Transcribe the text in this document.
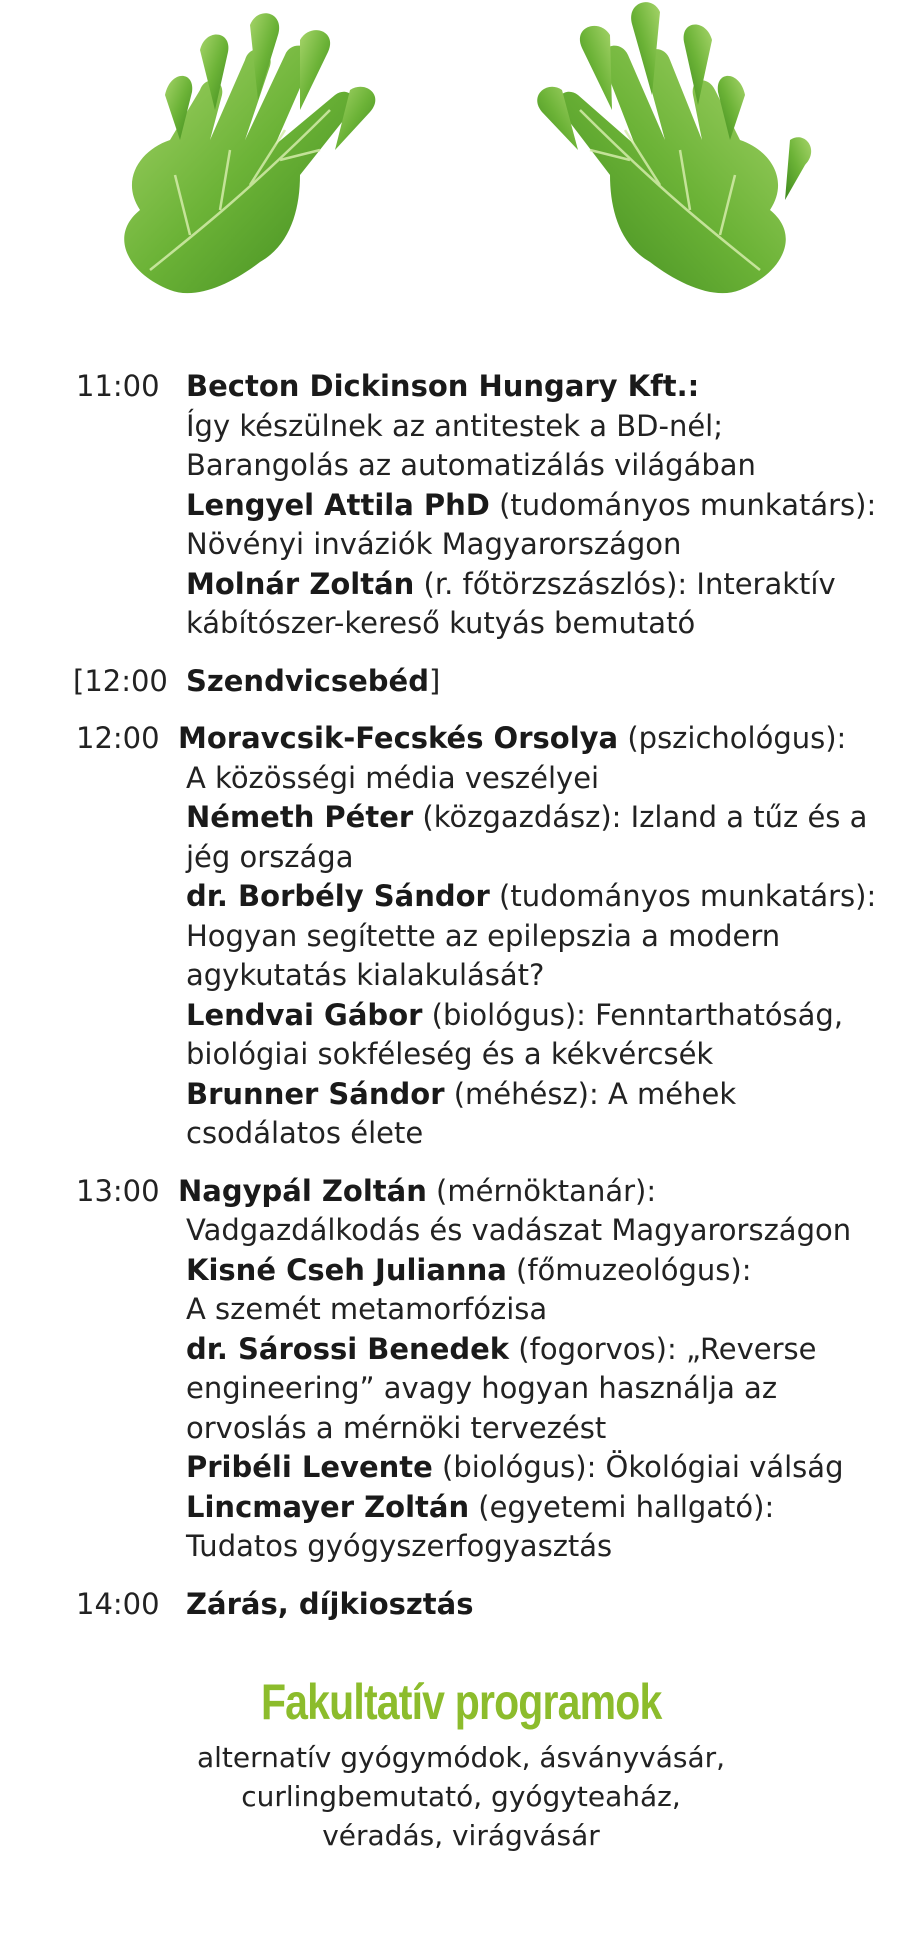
11:00 Becton Dickinson Hungary Kft.:
Így készülnek az antitestek a BD-nél;
Barangolás az automatizálás világában
Lengyel Attila PhD (tudományos munkatárs):
Növényi inváziók Magyarországon
Molnár Zoltán (r. főtörzszászlós): Interaktív
kábítószer-kereső kutyás bemutató
[12:00 Szendvicsebéd]
12:00 Moravcsik-Fecskés Orsolya (pszichológus):
A közösségi média veszélyei
Németh Péter (közgazdász): Izland a tűz és a
jég országa
dr. Borbély Sándor (tudományos munkatárs):
Hogyan segítette az epilepszia a modern
agykutatás kialakulását?
Lendvai Gábor (biológus): Fenntarthatóság,
biológiai sokféleség és a kékvércsék
Brunner Sándor (méhész): A méhek
csodálatos élete
13:00 Nagypál Zoltán (mérnöktanár):
Vadgazdálkodás és vadászat Magyarországon
Kisné Cseh Julianna (főmuzeológus):
A szemét metamorfózisa
dr. Sárossi Benedek (fogorvos): „Reverse
engineering” avagy hogyan használja az
orvoslás a mérnöki tervezést
Pribéli Levente (biológus): Ökológiai válság
Lincmayer Zoltán (egyetemi hallgató):
Tudatos gyógyszerfogyasztás
14:00 Zárás, díjkiosztás
Fakultatív programok
alternatív gyógymódok, ásványvásár,
curlingbemutató, gyógyteaház,
véradás, virágvásár
